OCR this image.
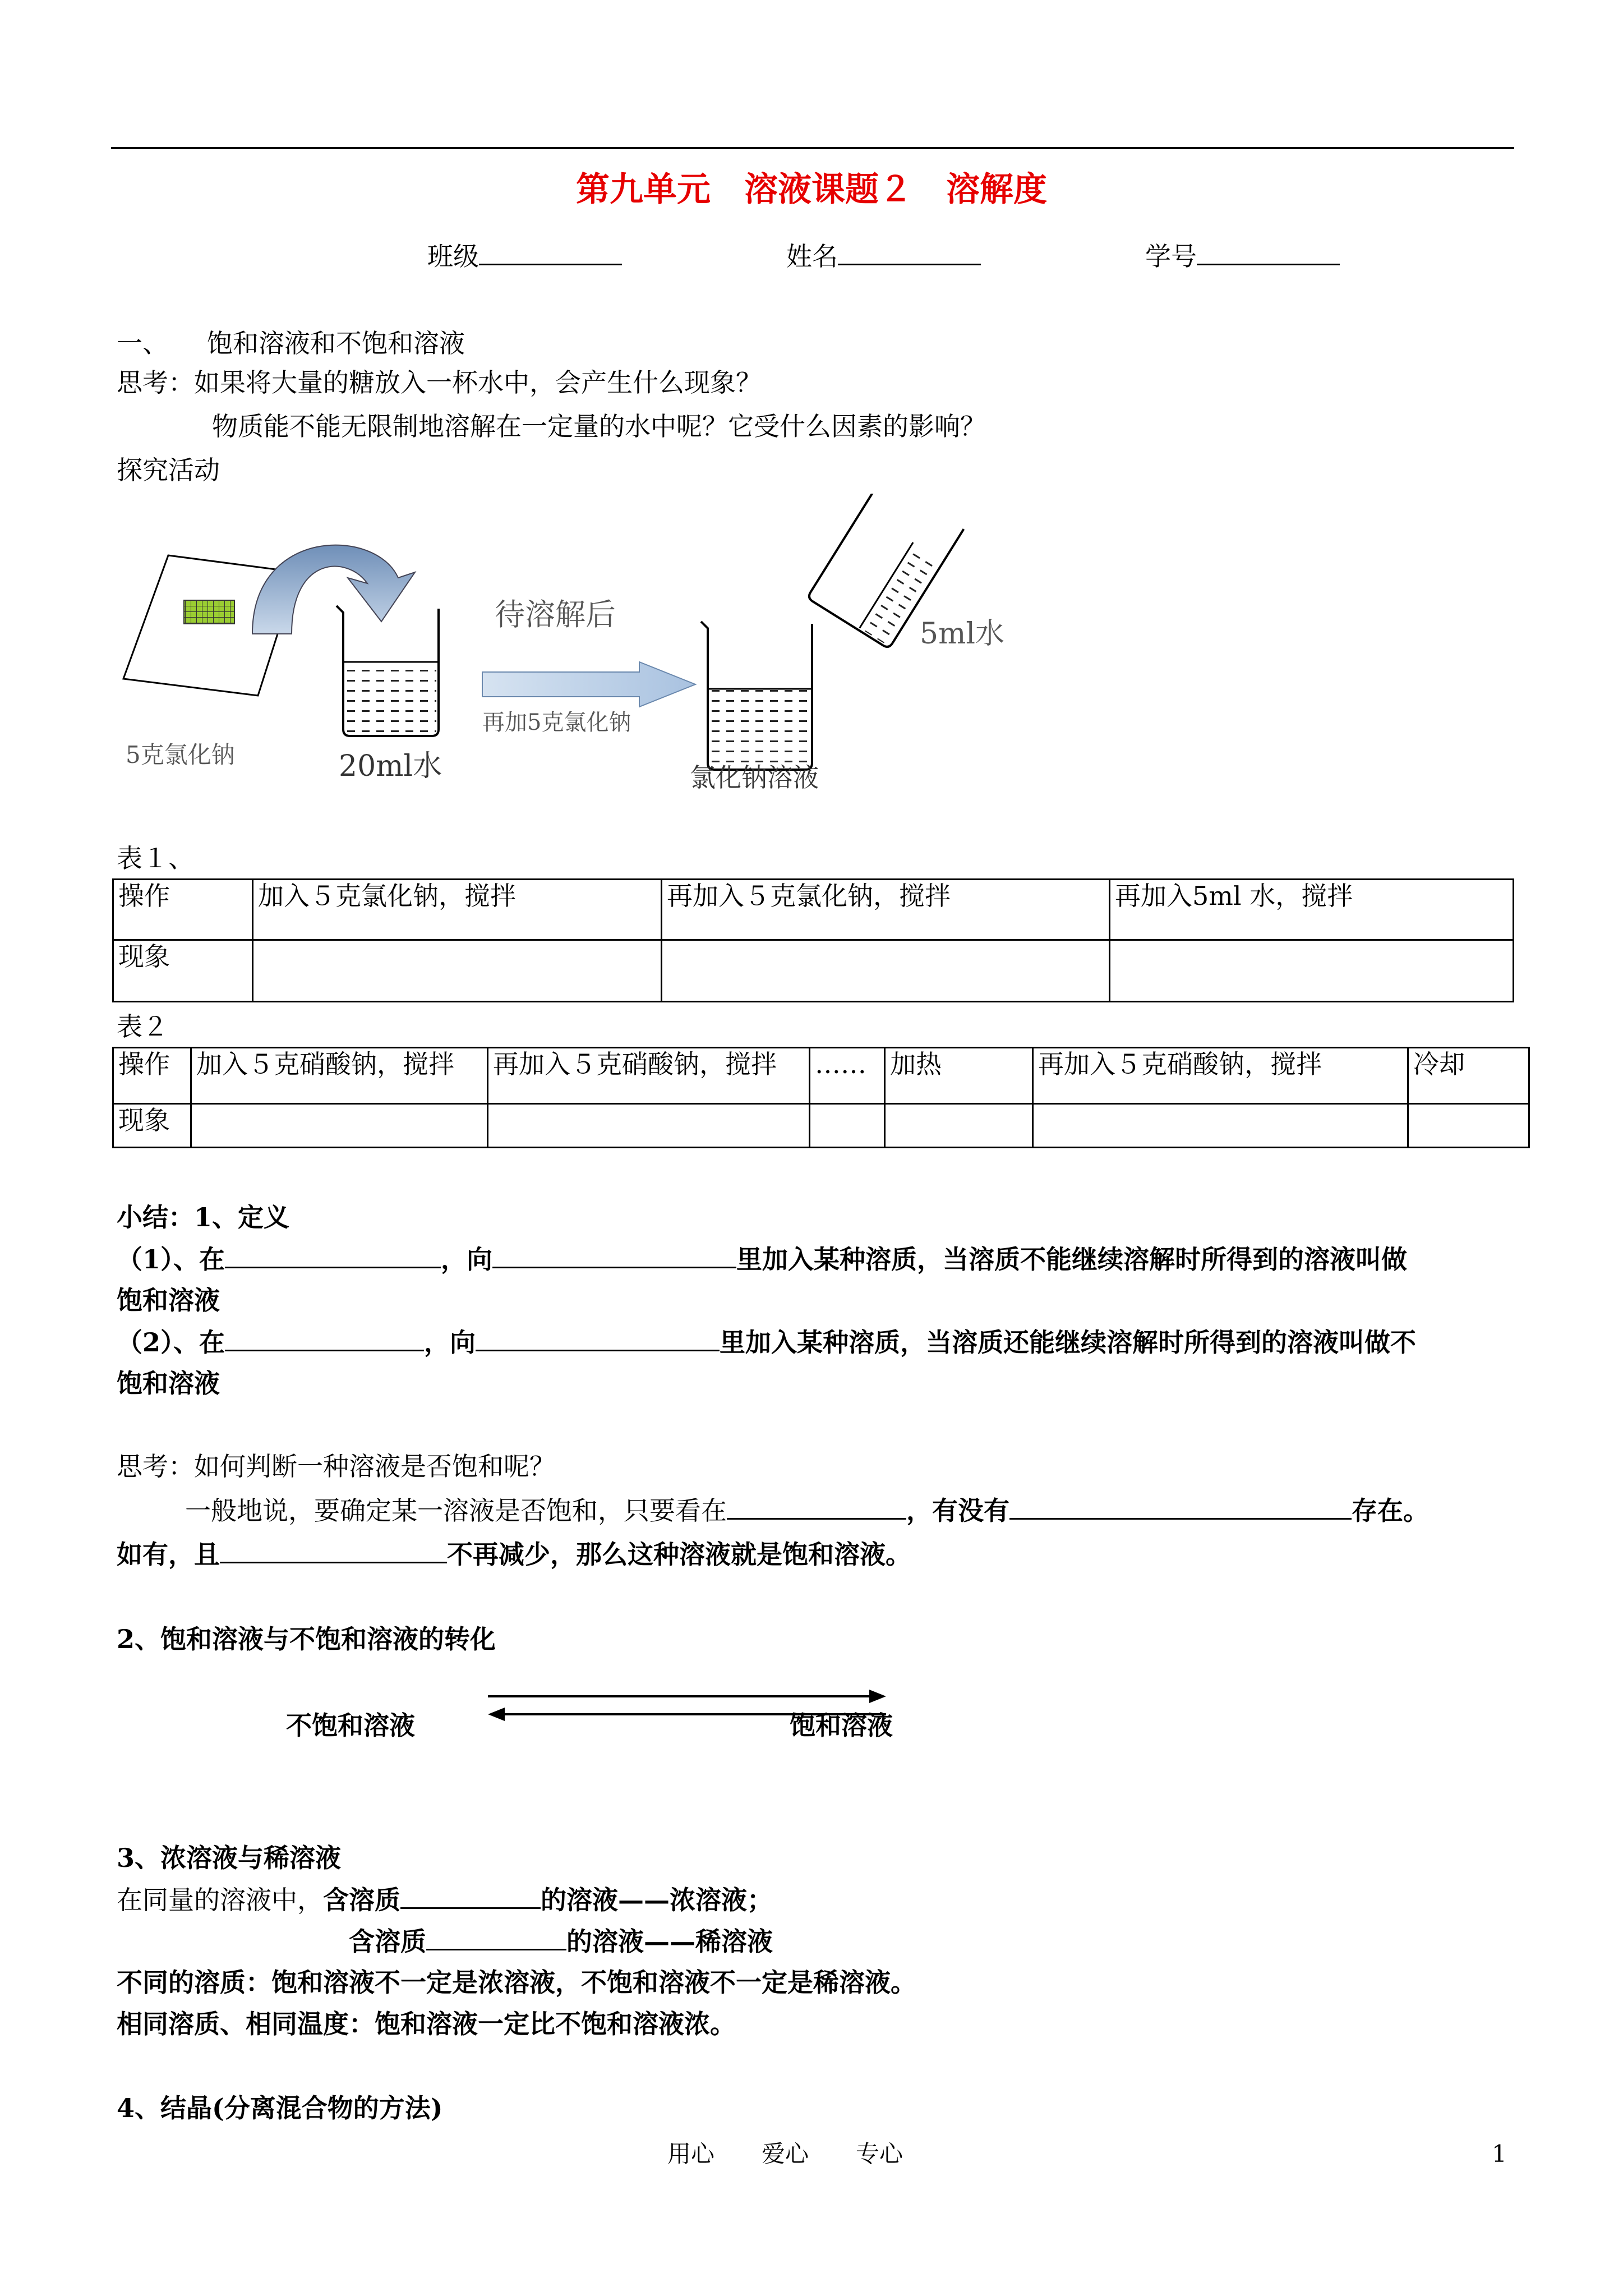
第九单元　溶液课题２　溶解度
班级	姓名	学号
一、　　饱和溶液和不饱和溶液
思考：如果将大量的糖放入一杯水中，会产生什么现象？
物质能不能无限制地溶解在一定量的水中呢？它受什么因素的影响？
探究活动
待溶解后
再加5克氯化钠
5ml水
5克氯化钠	20ml水	氯化钠溶液
表１、
操作	加入５克氯化钠，搅拌	再加入５克氯化钠，搅拌	再加入5ml 水，搅拌
现象			
表２
操作	加入５克硝酸钠，搅拌	再加入５克硝酸钠，搅拌	……	加热	再加入５克硝酸钠，搅拌	冷却
现象						
小结：1、定义
（1）、在	，向	里加入某种溶质，当溶质不能继续溶解时所得到的溶液叫做
饱和溶液
（2）、在	，向	里加入某种溶质，当溶质还能继续溶解时所得到的溶液叫做不
饱和溶液
思考：如何判断一种溶液是否饱和呢？
一般地说，要确定某一溶液是否饱和，只要看在	，有没有	存在。
如有，且	不再减少，那么这种溶液就是饱和溶液。
2、饱和溶液与不饱和溶液的转化
不饱和溶液	饱和溶液
3、浓溶液与稀溶液
在同量的溶液中，含溶质	的溶液——浓溶液；
含溶质	的溶液——稀溶液
不同的溶质：饱和溶液不一定是浓溶液，不饱和溶液不一定是稀溶液。
相同溶质、相同温度：饱和溶液一定比不饱和溶液浓。
4、结晶(分离混合物的方法)
用心　　爱心　　专心	1
